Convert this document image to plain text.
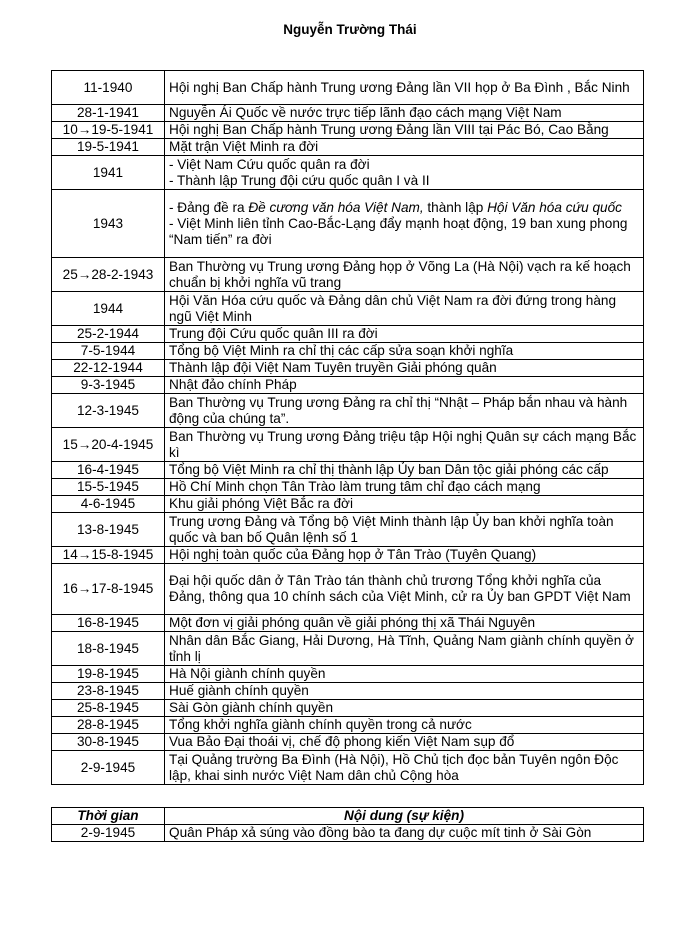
Nguyễn Trường Thái
11-1940	Hội nghị Ban Chấp hành Trung ương Đảng lần VII họp ở Ba Đình , Bắc Ninh

28-1-1941	Nguyễn Ái Quốc về nước trực tiếp lãnh đạo cách mạng Việt Nam

10→19-5-1941	Hội nghị Ban Chấp hành Trung ương Đảng lần VIII tại Pác Bó, Cao Bằng

19-5-1941	Mặt trận Việt Minh ra đời

1941	- Việt Nam Cứu quốc quân ra đời
- Thành lập Trung đội cứu quốc quân I và II

1943	- Đảng đề ra Đề cương văn hóa Việt Nam, thành lập Hội Văn hóa cứu quốc
- Việt Minh liên tỉnh Cao-Bắc-Lạng đẩy mạnh hoạt động, 19 ban xung phong “Nam tiến” ra đời

25→28-2-1943	Ban Thường vụ Trung ương Đảng họp ở Võng La (Hà Nội) vạch ra kế hoạch chuẩn bị khởi nghĩa vũ trang

1944	Hội Văn Hóa cứu quốc và Đảng dân chủ Việt Nam ra đời đứng trong hàng ngũ Việt Minh

25-2-1944	Trung đội Cứu quốc quân III ra đời

7-5-1944	Tổng bộ Việt Minh ra chỉ thị các cấp sửa soạn khởi nghĩa

22-12-1944	Thành lập đội Việt Nam Tuyên truyền Giải phóng quân

9-3-1945	Nhật đảo chính Pháp

12-3-1945	Ban Thường vụ Trung ương Đảng ra chỉ thị “Nhật – Pháp bắn nhau và hành động của chúng ta”.

15→20-4-1945	Ban Thường vụ Trung ương Đảng triệu tập Hội nghị Quân sự cách mạng Bắc kì

16-4-1945	Tổng bộ Việt Minh ra chỉ thị thành lập Ủy ban Dân tộc giải phóng các cấp

15-5-1945	Hồ Chí Minh chọn Tân Trào làm trung tâm chỉ đạo cách mạng

4-6-1945	Khu giải phóng Việt Bắc ra đời

13-8-1945	Trung ương Đảng và Tổng bộ Việt Minh thành lập Ủy ban khởi nghĩa toàn quốc và ban bố Quân lệnh số 1

14→15-8-1945	Hội nghị toàn quốc của Đảng họp ở Tân Trào (Tuyên Quang)

16→17-8-1945	Đại hội quốc dân ở Tân Trào tán thành chủ trương Tổng khởi nghĩa của Đảng, thông qua 10 chính sách của Việt Minh, cử ra Ủy ban GPDT Việt Nam

16-8-1945	Một đơn vị giải phóng quân về giải phóng thị xã Thái Nguyên

18-8-1945	Nhân dân Bắc Giang, Hải Dương, Hà Tĩnh, Quảng Nam giành chính quyền ở tỉnh lị

19-8-1945	Hà Nội giành chính quyền

23-8-1945	Huế giành chính quyền

25-8-1945	Sài Gòn giành chính quyền

28-8-1945	Tổng khởi nghĩa giành chính quyền trong cả nước

30-8-1945	Vua Bảo Đại thoái vị, chế độ phong kiến Việt Nam sụp đổ

2-9-1945	Tại Quảng trường Ba Đình (Hà Nội), Hồ Chủ tịch đọc bản Tuyên ngôn Độc lập, khai sinh nước Việt Nam dân chủ Cộng hòa
Thời gian	Nội dung (sự kiện)
2-9-1945	Quân Pháp xả súng vào đồng bào ta đang dự cuộc mít tinh ở Sài Gòn
